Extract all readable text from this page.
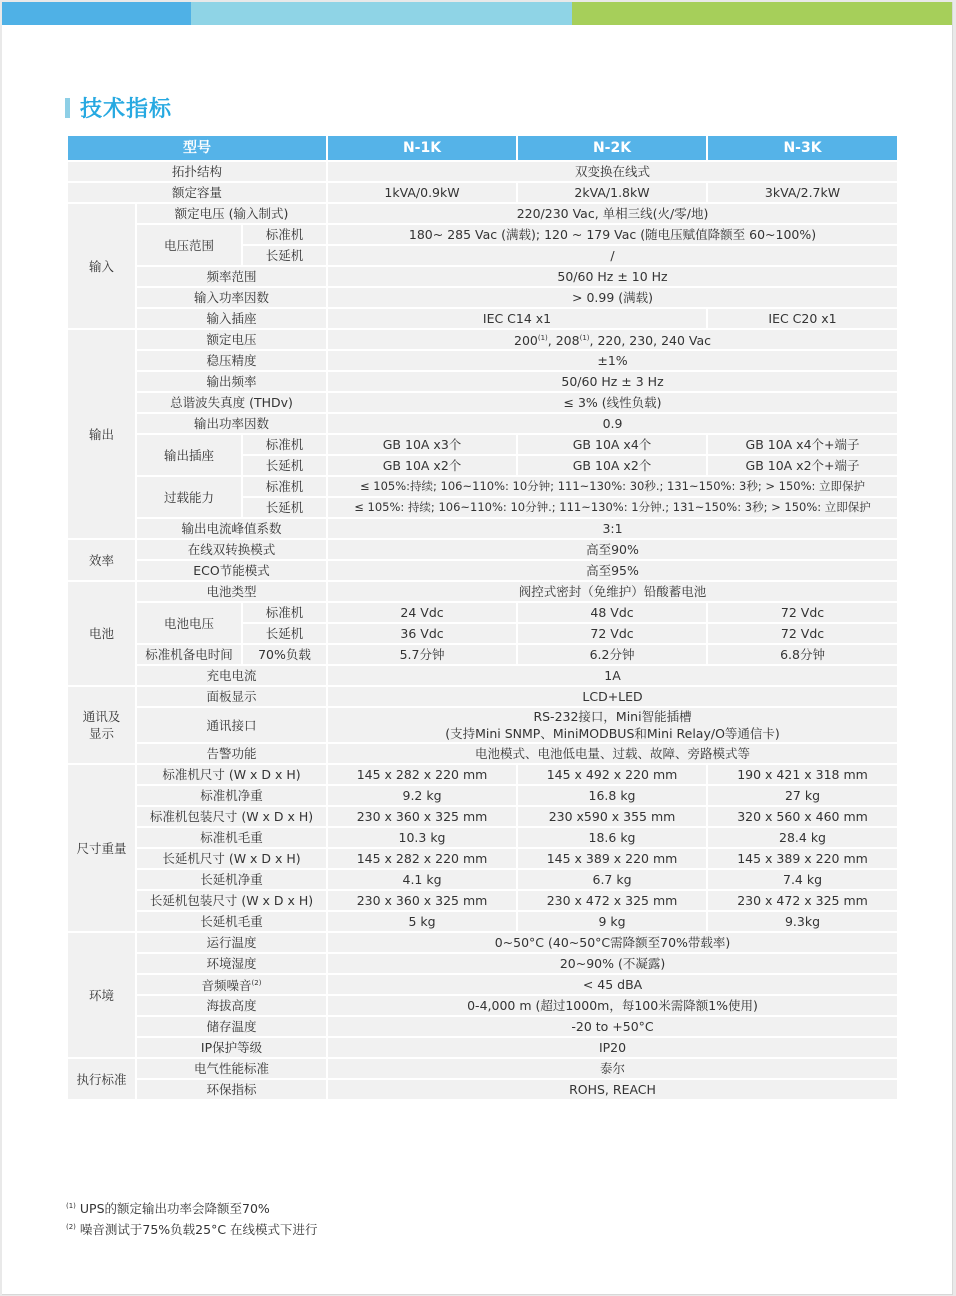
技术指标
型号			N-1K	N-2K	N-3K
拓扑结构			双变换在线式		
额定容量			1kVA/0.9kW	2kVA/1.8kW	3kVA/2.7kW
输入	额定电压 (输入制式)		220/230 Vac, 单相三线(火/零/地)		
	电压范围	标准机	180~ 285 Vac (满载); 120 ~ 179 Vac (随电压赋值降额至 60~100%)		
		长延机	/		
	频率范围		50/60 Hz ± 10 Hz		
	输入功率因数		> 0.99 (满载)		
	输入插座		IEC C14 x1		IEC C20 x1
输出	额定电压		200$^{(1)}$, 208$^{(1)}$, 220, 230, 240 Vac		
	稳压精度		±1%		
	输出频率		50/60 Hz ± 3 Hz		
	总谐波失真度 (THDv)		≤ 3% (线性负载)		
	输出功率因数		0.9		
	输出插座	标准机	GB 10A x3个	GB 10A x4个	GB 10A x4个+端子
		长延机	GB 10A x2个	GB 10A x2个	GB 10A x2个+端子
	过载能力	标准机	≤ 105%:持续; 106~110%: 10分钟; 111~130%: 30秒.; 131~150%: 3秒; > 150%: 立即保护		
		长延机	≤ 105%: 持续; 106~110%: 10分钟.; 111~130%: 1分钟.; 131~150%: 3秒; > 150%: 立即保护		
	输出电流峰值系数		3:1		
效率	在线双转换模式		高至90%		
	ECO节能模式		高至95%		
电池	电池类型		阀控式密封（免维护）铅酸蓄电池		
	电池电压	标准机	24 Vdc	48 Vdc	72 Vdc
		长延机	36 Vdc	72 Vdc	72 Vdc
	标准机备电时间	70%负载	5.7分钟	6.2分钟	6.8分钟
	充电电流		1A		
通讯及
显示	面板显示		LCD+LED		
	通讯接口		RS-232接口，Mini智能插槽
(支持Mini SNMP、MiniMODBUS和Mini Relay/O等通信卡)		

	告警功能		电池模式、电池低电量、过载、故障、旁路模式等		
尺寸重量	标准机尺寸 (W x D x H)		145 x 282 x 220 mm	145 x 492 x 220 mm	190 x 421 x 318 mm
	标准机净重		9.2 kg	16.8 kg	27 kg
	标准机包装尺寸 (W x D x H)		230 x 360 x 325 mm	230 x590 x 355 mm	320 x 560 x 460 mm
	标准机毛重		10.3 kg	18.6 kg	28.4 kg
	长延机尺寸 (W x D x H)		145 x 282 x 220 mm	145 x 389 x 220 mm	145 x 389 x 220 mm
	长延机净重		4.1 kg	6.7 kg	7.4 kg
	长延机包装尺寸 (W x D x H)		230 x 360 x 325 mm	230 x 472 x 325 mm	230 x 472 x 325 mm
	长延机毛重		5 kg	9 kg	9.3kg
环境	运行温度		0~50°C (40~50°C需降额至70%带载率)		
	环境湿度		20~90% (不凝露)		
	音频噪音$^{(2)}$		< 45 dBA		
	海拔高度		0-4,000 m (超过1000m，每100米需降额1%使用)		
	储存温度		-20 to +50°C		
	IP保护等级		IP20		
执行标准	电气性能标准		泰尔		
	环保指标		ROHS, REACH		
$^{(1)}$ UPS的额定输出功率会降额至70%
$^{(2)}$ 噪音测试于75%负载25°C 在线模式下进行
